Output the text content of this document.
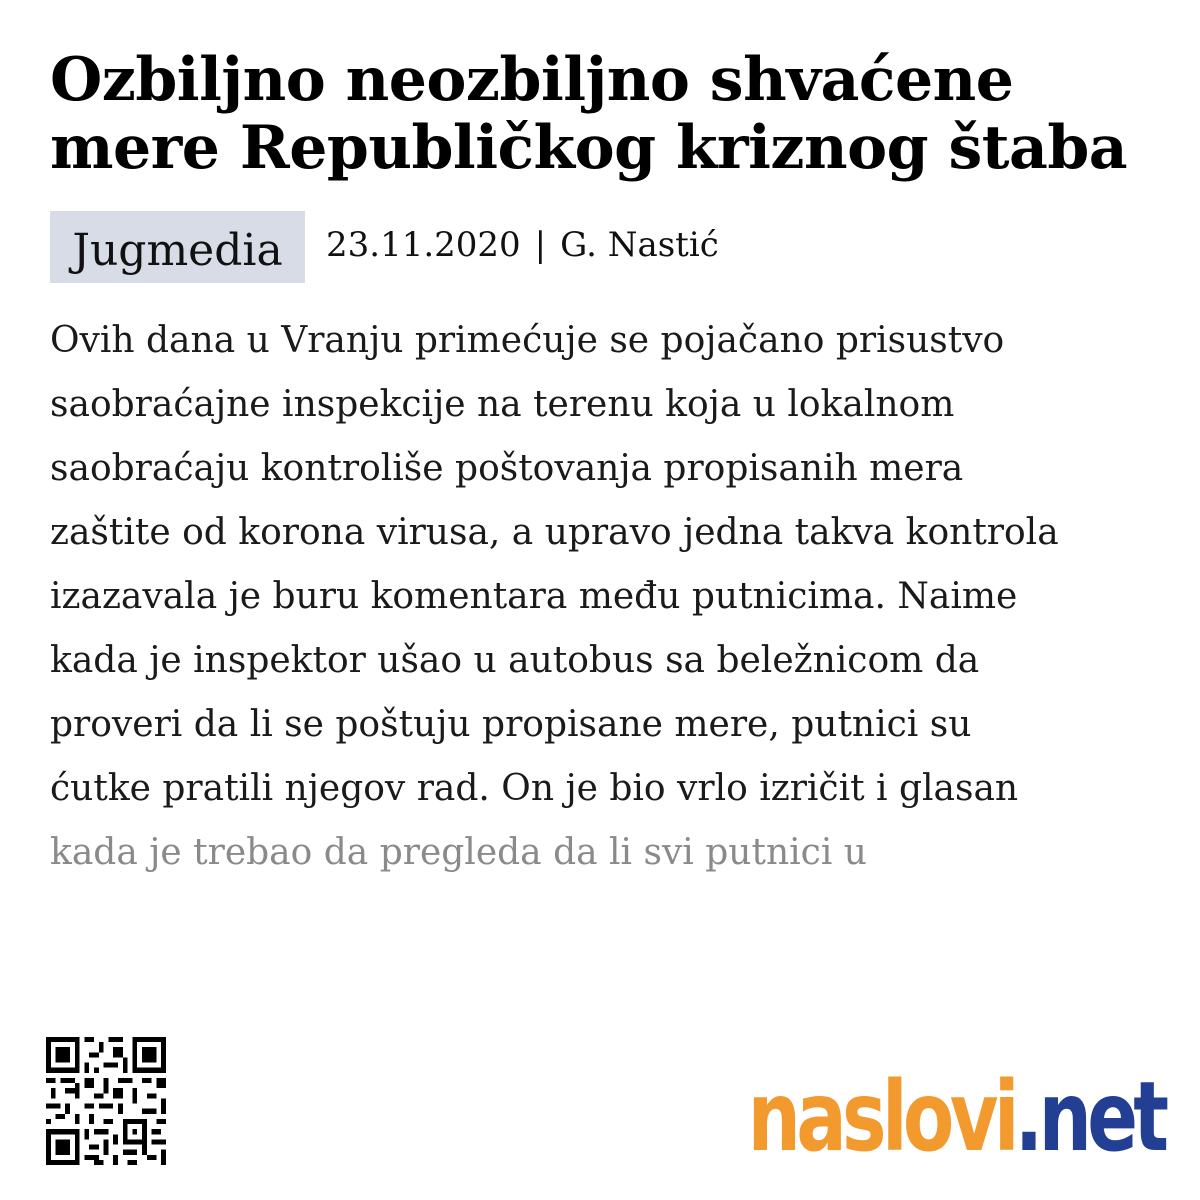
Ozbiljno neozbiljno shvaćene
mere Republičkog kriznog štaba
Jugmedia	23.11.2020 | G. Nastić

Ovih dana u Vranju primećuje se pojačano prisustvo
saobraćajne inspekcije na terenu koja u lokalnom
saobraćaju kontroliše poštovanja propisanih mera
zaštite od korona virusa, a upravo jedna takva kontrola
izazavala je buru komentara među putnicima. Naime
kada je inspektor ušao u autobus sa beležnicom da
proveri da li se poštuju propisane mere, putnici su
ćutke pratili njegov rad. On je bio vrlo izričit i glasan
kada je trebao da pregleda da li svi putnici u

naslovi.net
